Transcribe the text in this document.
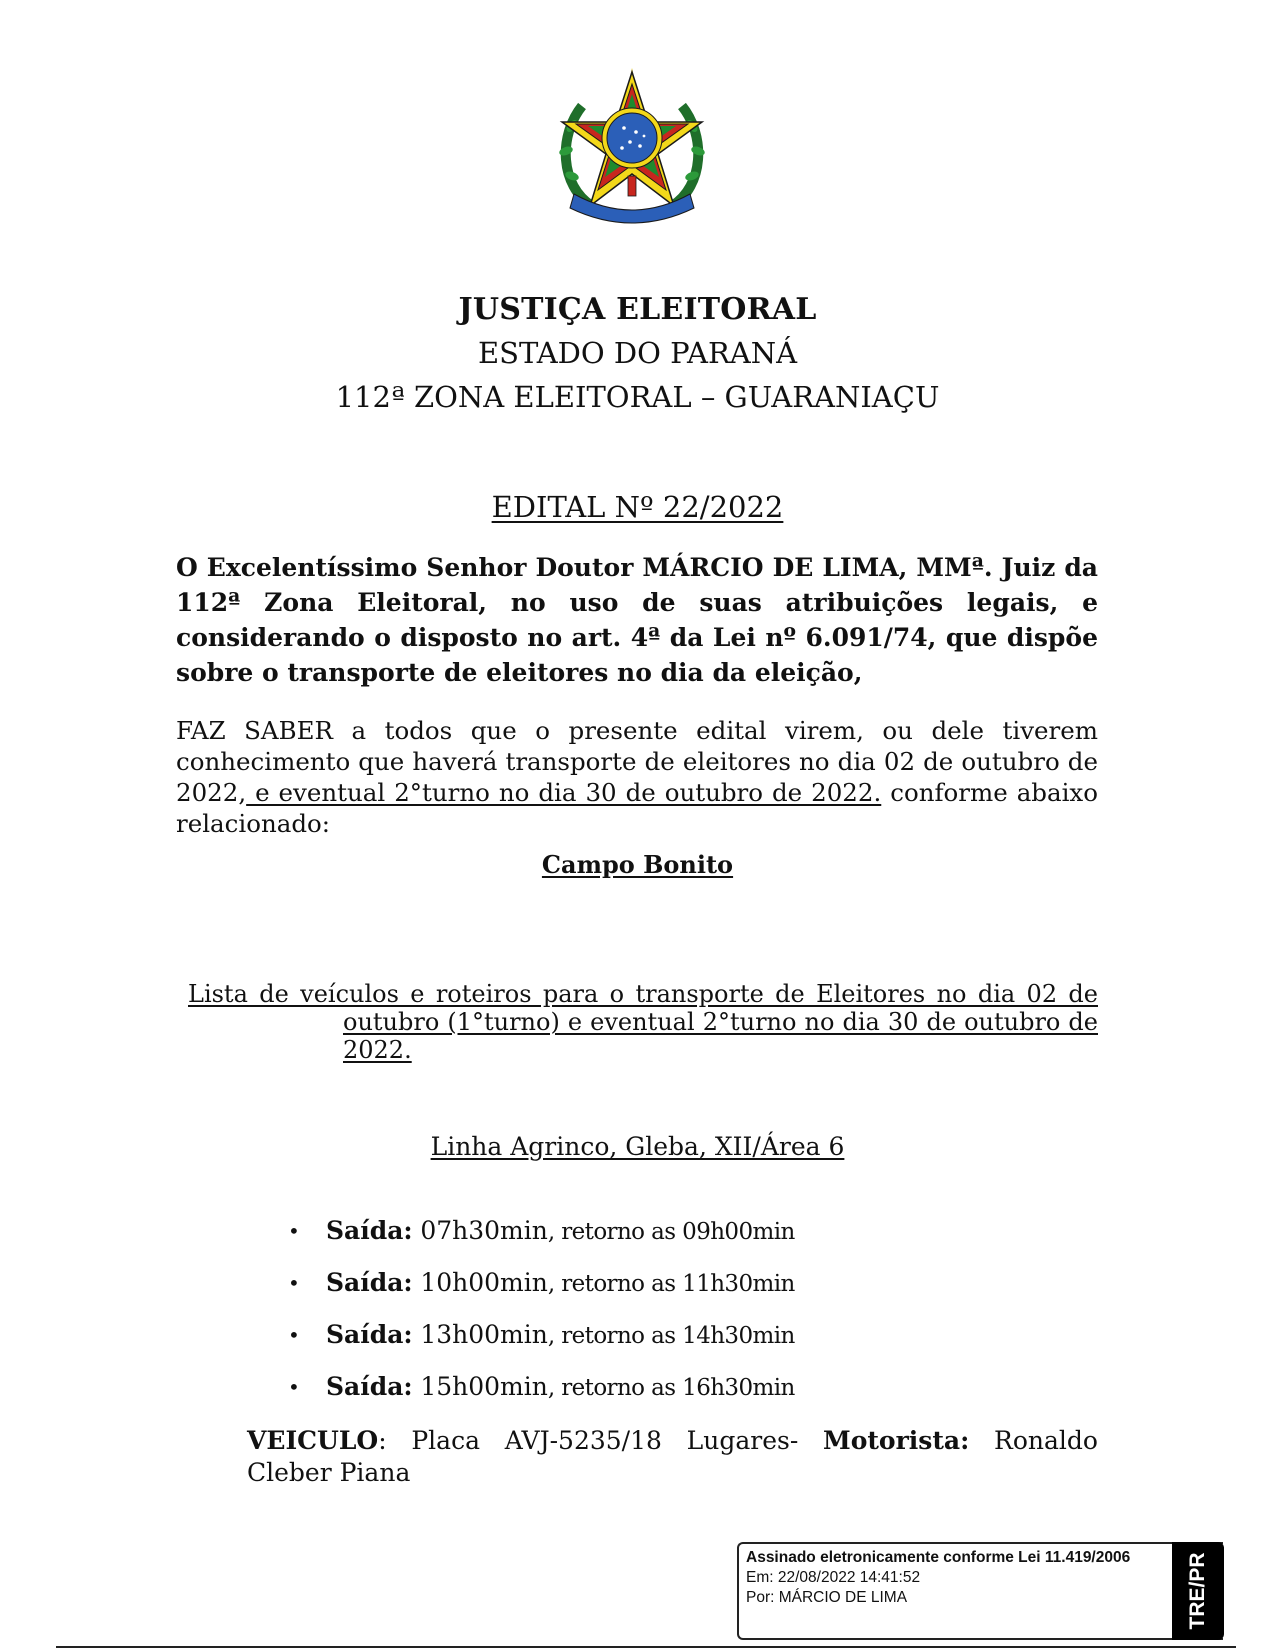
JUSTIÇA ELEITORAL
ESTADO DO PARANÁ
112ª ZONA ELEITORAL – GUARANIAÇU
EDITAL Nº 22/2022
O Excelentíssimo Senhor Doutor MÁRCIO DE LIMA, MMª. Juiz da 112ª Zona Eleitoral, no uso de suas atribuições legais, e considerando o disposto no art. 4ª da Lei nº 6.091/74, que dispõe sobre o transporte de eleitores no dia da eleição,
FAZ SABER a todos que o presente edital virem, ou dele tiverem conhecimento que haverá transporte de eleitores no dia 02 de outubro de 2022, e eventual 2°turno no dia 30 de outubro de 2022. conforme abaixo relacionado:
Campo Bonito
Lista de veículos e roteiros para o transporte de Eleitores no dia 02 de outubro (1°turno) e eventual 2°turno no dia 30 de outubro de 2022.
Linha Agrinco, Gleba, XII/Área 6
• Saída: 07h30min, retorno as 09h00min
• Saída: 10h00min, retorno as 11h30min
• Saída: 13h00min, retorno as 14h30min
• Saída: 15h00min, retorno as 16h30min
VEICULO: Placa AVJ-5235/18 Lugares- Motorista: Ronaldo Cleber Piana
Assinado eletronicamente conforme Lei 11.419/2006
Em: 22/08/2022 14:41:52
Por: MÁRCIO DE LIMA	TRE/PR
